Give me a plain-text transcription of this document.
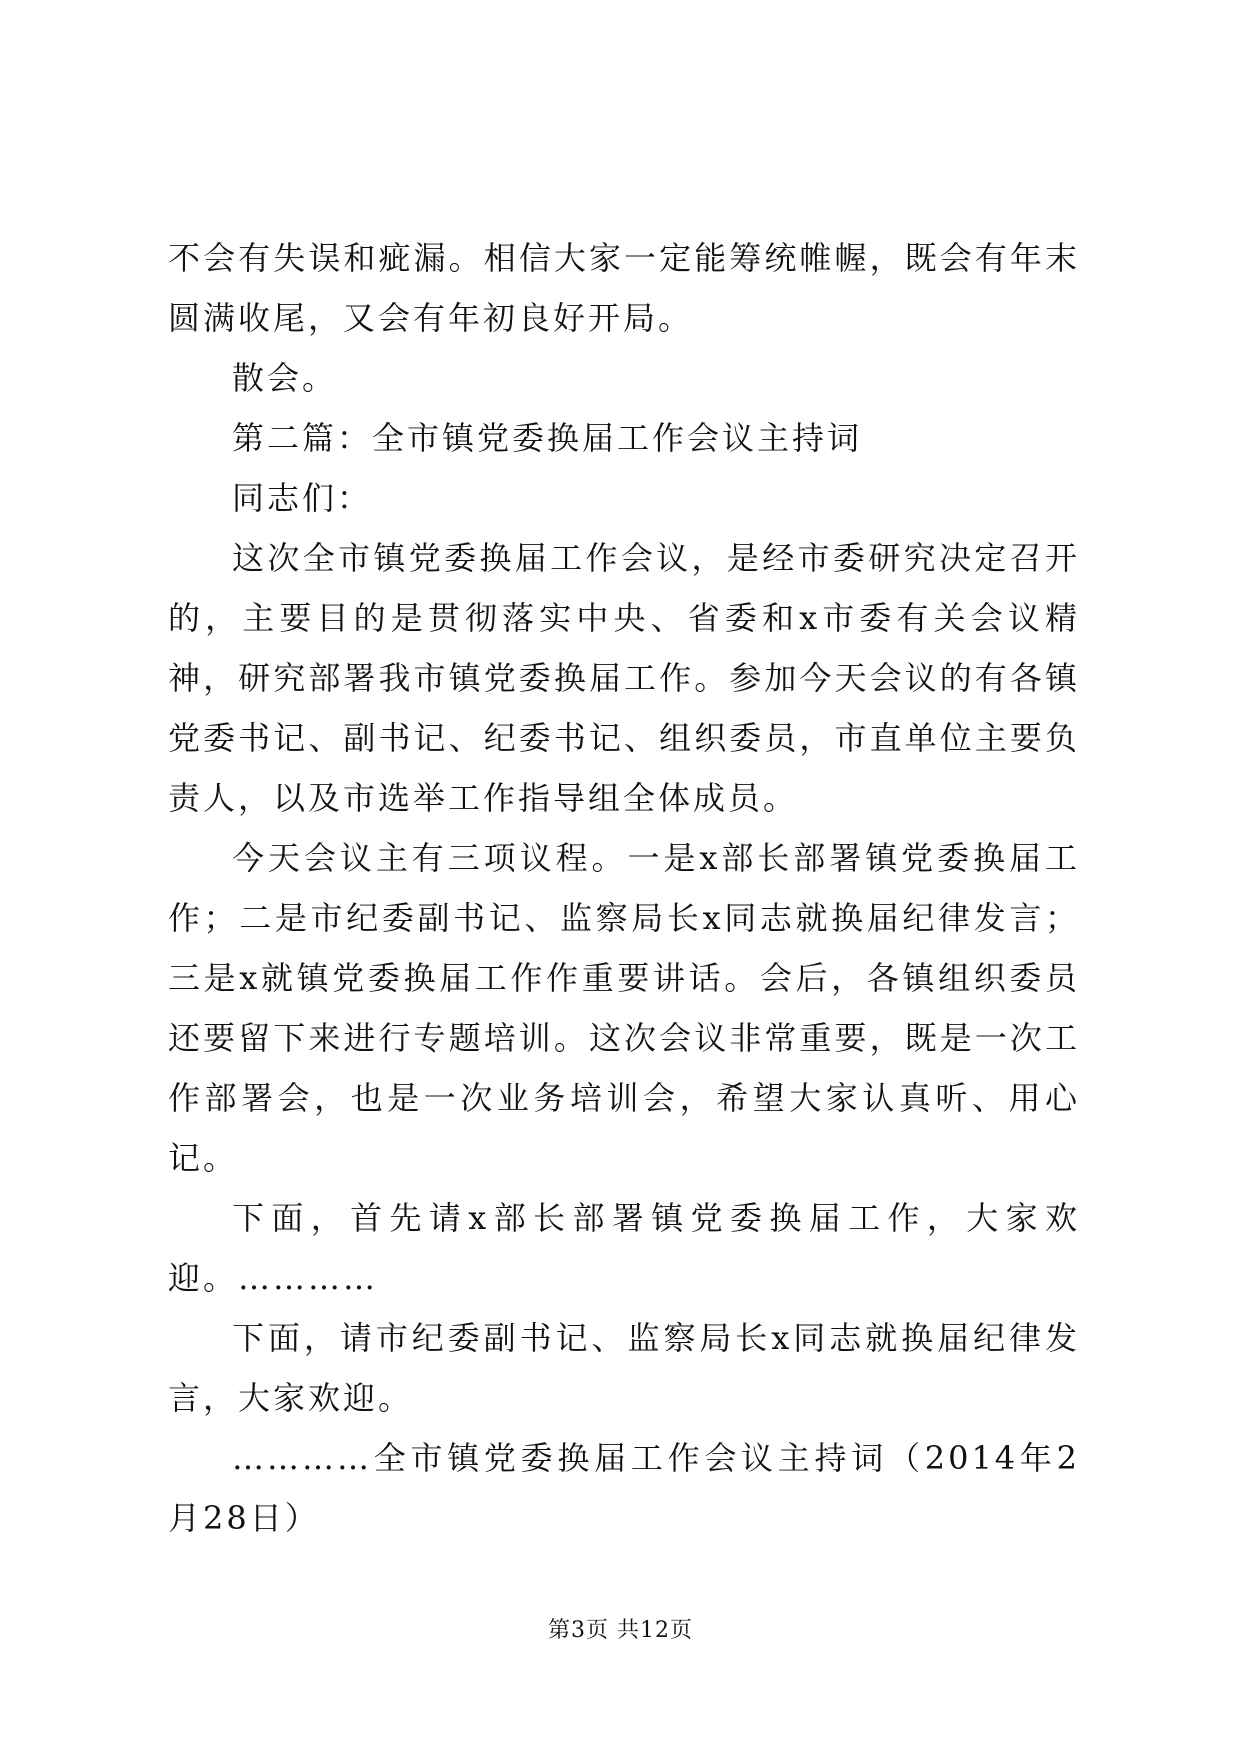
不会有失误和疵漏。相信大家一定能筹统帷幄，既会有年末圆满收尾，又会有年初良好开局。

散会。

第二篇：全市镇党委换届工作会议主持词

同志们：

这次全市镇党委换届工作会议，是经市委研究决定召开的，主要目的是贯彻落实中央、省委和x市委有关会议精神，研究部署我市镇党委换届工作。参加今天会议的有各镇党委书记、副书记、纪委书记、组织委员，市直单位主要负责人，以及市选举工作指导组全体成员。

今天会议主有三项议程。一是x部长部署镇党委换届工作；二是市纪委副书记、监察局长x同志就换届纪律发言；三是x就镇党委换届工作作重要讲话。会后，各镇组织委员还要留下来进行专题培训。这次会议非常重要，既是一次工作部署会，也是一次业务培训会，希望大家认真听、用心记。

下面，首先请x部长部署镇党委换届工作，大家欢迎。…………

下面，请市纪委副书记、监察局长x同志就换届纪律发言，大家欢迎。

…………全市镇党委换届工作会议主持词（2014年2月28日）

第3页 共12页
